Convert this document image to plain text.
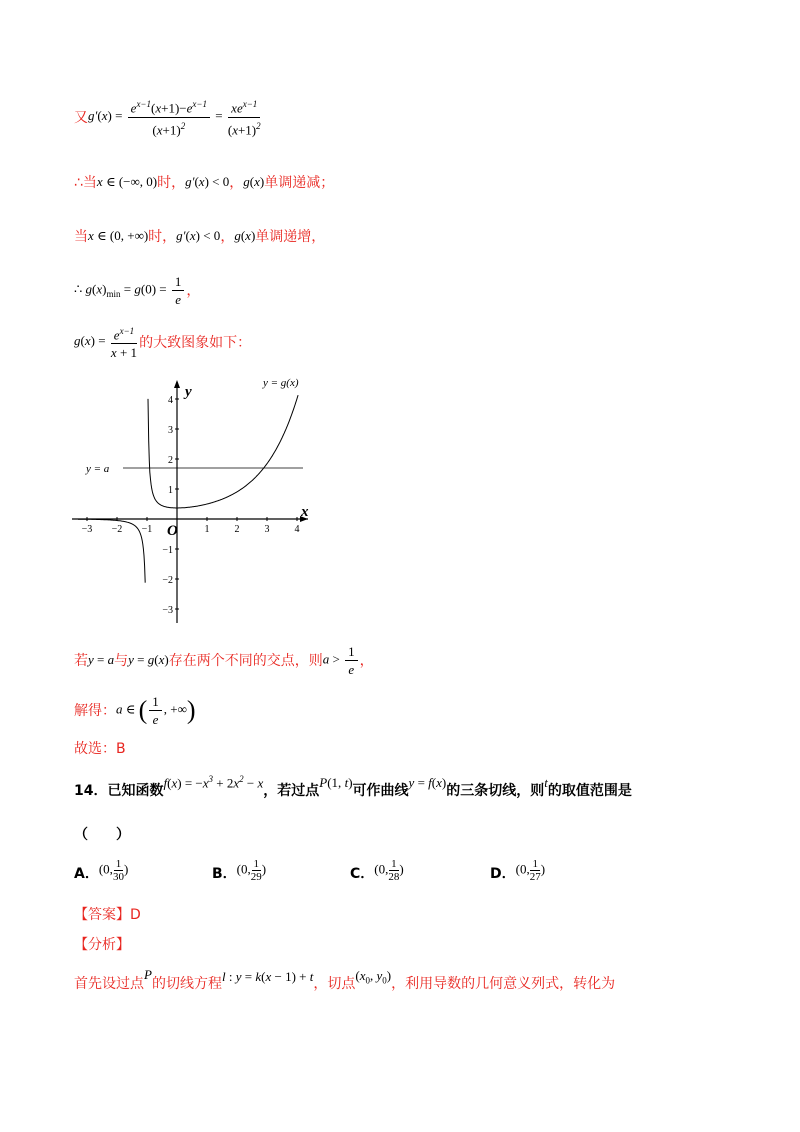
又 $g'(x) = \frac{e^{x-1}(x+1)-e^{x-1}}{(x+1)^2} = \frac{xe^{x-1}}{(x+1)^2}$
∴当 x ∈ (−∞, 0) 时， g′(x) < 0 ， g(x) 单调递减；
当 x ∈ (0, +∞) 时， g′(x) < 0 ， g(x) 单调递增，
∴ $g(x)_{min} = g(0) = \frac{1}{e}$ ，
$g(x) = \frac{e^{x-1}}{x + 1}$ 的大致图象如下：
−3 −2 −1	1	2	3	4
4
3
2
1
−1
−2
−3
x
y
O
y = g(x)
y = a
若 y = a 与 y = g(x) 存在两个不同的交点，则 $a > \frac{1}{e}$ ，
解得： a ∈ ( $\frac{1}{e}$ , +∞)
故选：B
14． 已知函数 $f(x) = -x^3 + 2x^2 - x$ ，若过点
P(1, t)
可作曲线
y = f(x)
的三条切线，则
t
的取值范围是
（　　）
A． (0, $\frac{1}{30}$ )	B． (0, $\frac{1}{29}$ )	C． (0, $\frac{1}{28}$ )	D． (0, $\frac{1}{27}$ )
【答案】D
【分析】
首先设过点
P
的切线方程 l : y = k(x − 1) + t ，切点
($x_0$, $y_0$)
，利用导数的几何意义列式，转化为
